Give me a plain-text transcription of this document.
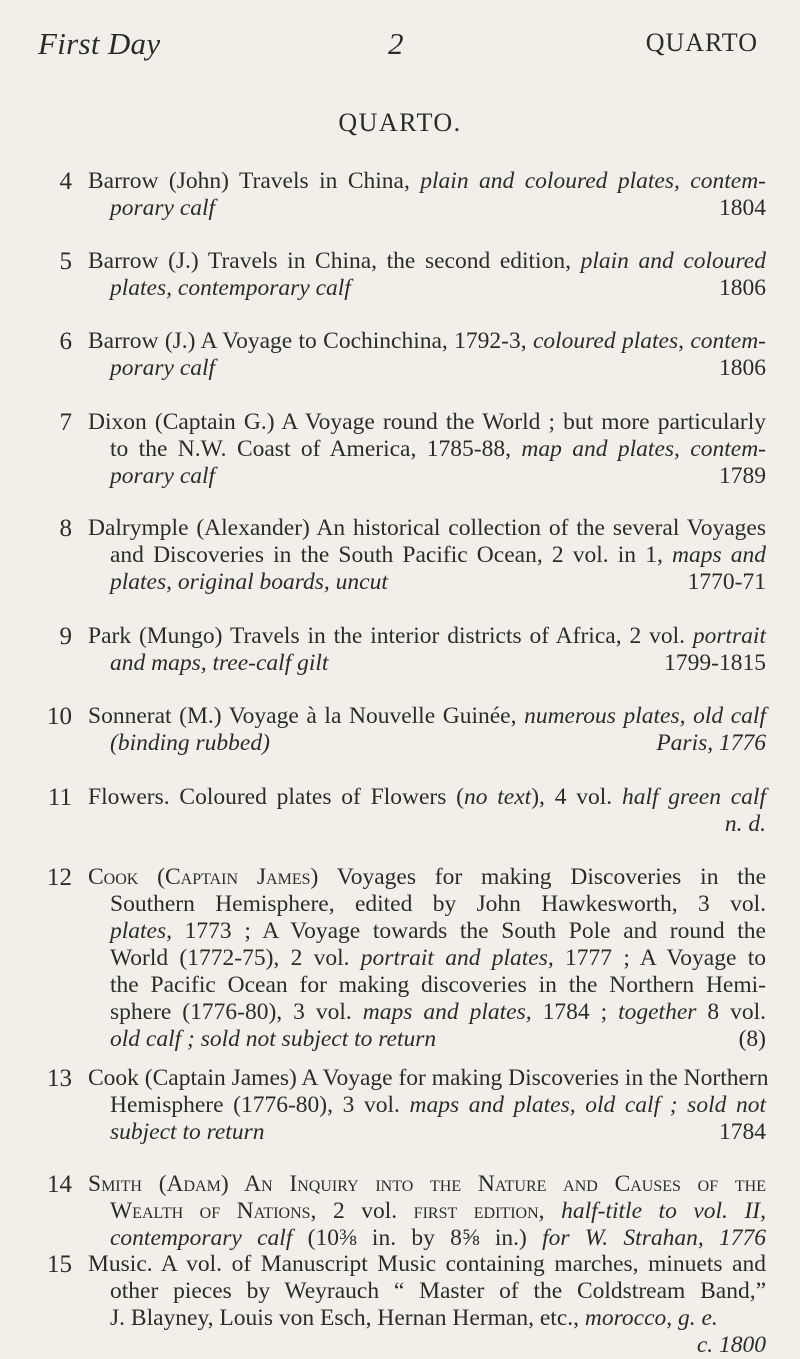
First Day	2	QUARTO
QUARTO.
4 Barrow (John) Travels in China, plain and coloured plates, contem-
porary calf	1804
5 Barrow (J.) Travels in China, the second edition, plain and coloured
plates, contemporary calf	1806
6 Barrow (J.) A Voyage to Cochinchina, 1792-3, coloured plates, contem-
porary calf	1806
7 Dixon (Captain G.) A Voyage round the World ; but more particularly
to the N.W. Coast of America, 1785-88, map and plates, contem-
porary calf	1789
8 Dalrymple (Alexander) An historical collection of the several Voyages
and Discoveries in the South Pacific Ocean, 2 vol. in 1, maps and
plates, original boards, uncut	1770-71
9 Park (Mungo) Travels in the interior districts of Africa, 2 vol. portrait
and maps, tree-calf gilt	1799-1815
10 Sonnerat (M.) Voyage à la Nouvelle Guinée, numerous plates, old calf
(binding rubbed)	Paris, 1776
11 Flowers. Coloured plates of Flowers (no text), 4 vol. half green calf
n. d.
12 Cook (Captain James) Voyages for making Discoveries in the
Southern Hemisphere, edited by John Hawkesworth, 3 vol.
plates, 1773 ; A Voyage towards the South Pole and round the
World (1772-75), 2 vol. portrait and plates, 1777 ; A Voyage to
the Pacific Ocean for making discoveries in the Northern Hemi-
sphere (1776-80), 3 vol. maps and plates, 1784 ; together 8 vol.
old calf ; sold not subject to return	(8)
13 Cook (Captain James) A Voyage for making Discoveries in the Northern
Hemisphere (1776-80), 3 vol. maps and plates, old calf ; sold not
subject to return	1784
14 Smith (Adam) An Inquiry into the Nature and Causes of the
Wealth of Nations, 2 vol. first edition, half-title to vol. II,
contemporary calf (10⅜ in. by 8⅝ in.) for W. Strahan, 1776
15 Music. A vol. of Manuscript Music containing marches, minuets and
other pieces by Weyrauch “ Master of the Coldstream Band,”
J. Blayney, Louis von Esch, Hernan Herman, etc., morocco, g. e.
c. 1800
